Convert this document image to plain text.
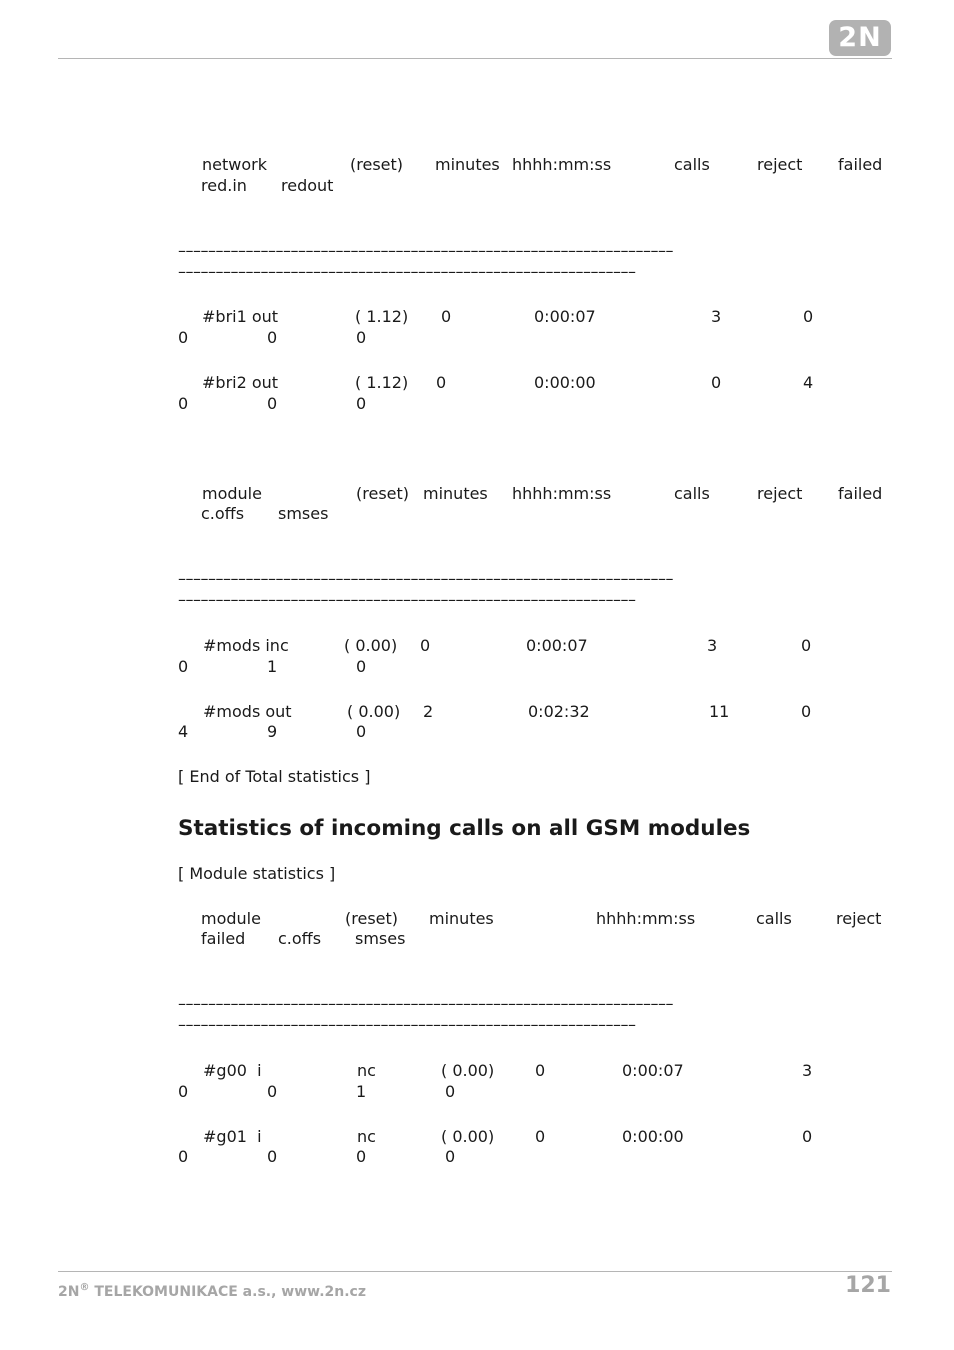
2N
network	(reset) minutes hhhh:mm:ss	calls	reject failed
red.in redout
––––––––––––––––––––––––––––––––––––––––––––––––––––––––––––––––––
–––––––––––––––––––––––––––––––––––––––––––––––––––––––––––––
#bri1 out	( 1.12) 0	0:00:07	3	0
0	0	0
#bri2 out	( 1.12) 0	0:00:00	0	4
0	0	0
module	(reset) minutes hhhh:mm:ss	calls	reject failed
c.offs smses
––––––––––––––––––––––––––––––––––––––––––––––––––––––––––––––––––
–––––––––––––––––––––––––––––––––––––––––––––––––––––––––––––
#mods inc	( 0.00) 0	0:00:07	3	0
0	1	0
#mods out	( 0.00) 2	0:02:32	11	0
4	9	0
[ End of Total statistics ]
Statistics of incoming calls on all GSM modules
[ Module statistics ]
module	(reset) minutes	hhhh:mm:ss	calls	reject
failed c.offs smses
––––––––––––––––––––––––––––––––––––––––––––––––––––––––––––––––––
–––––––––––––––––––––––––––––––––––––––––––––––––––––––––––––
#g00  i	nc	( 0.00)	0	0:00:07	3
0	0	1	0
#g01  i	nc	( 0.00)	0	0:00:00	0
0	0	0	0
2N® TELEKOMUNIKACE a.s., www.2n.cz	121
